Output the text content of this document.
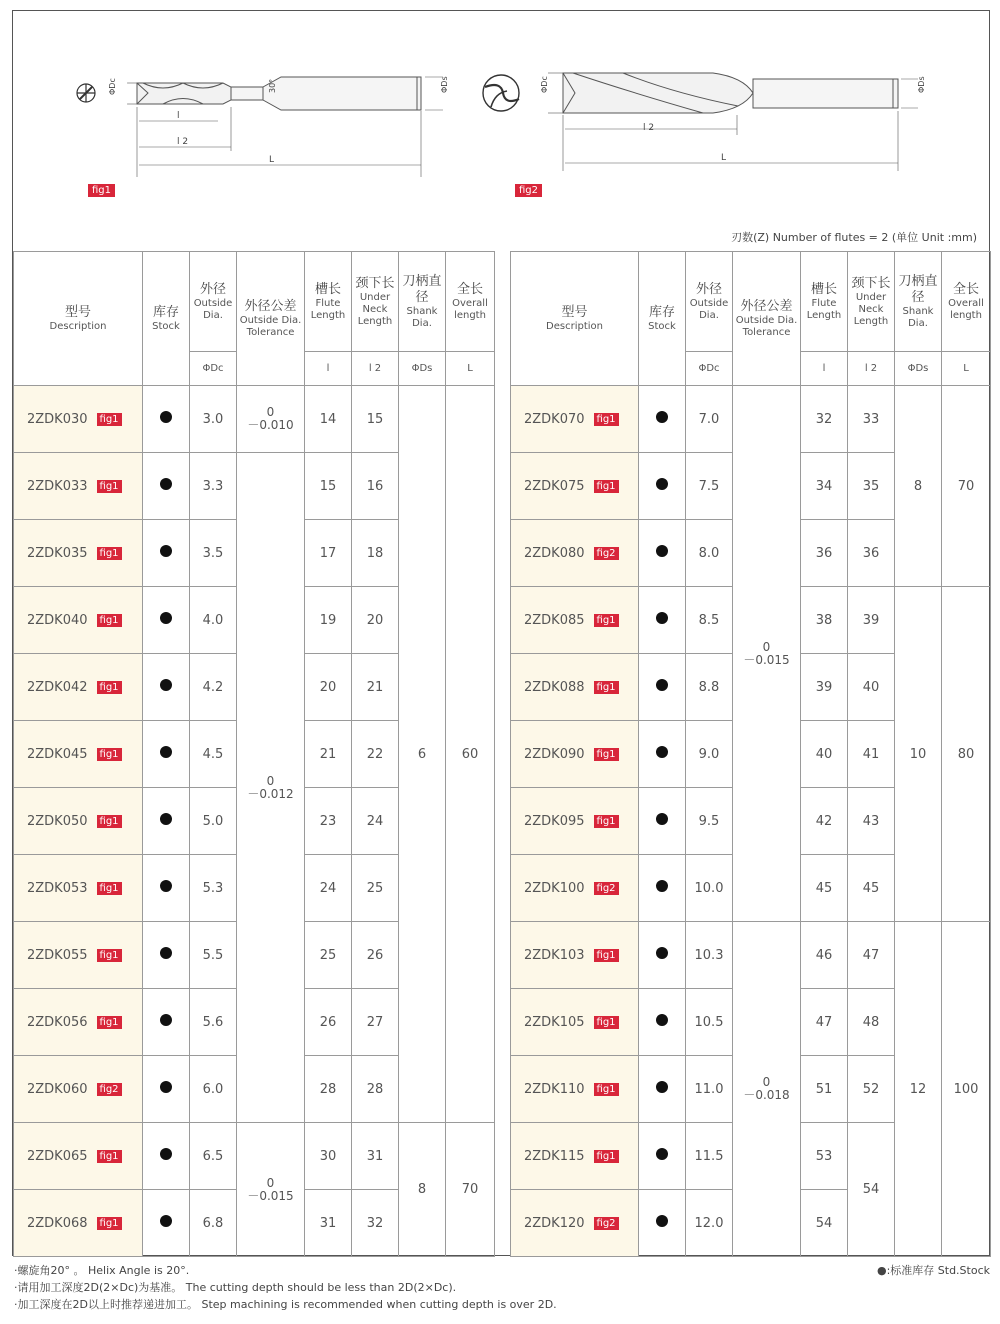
ΦDc	30°	ΦDs
l
l 2
L
ΦDc	ΦDs
l 2
L
fig1	fig2
刃数(Z) Number of flutes = 2 (单位 Unit :mm)
型号
Description	库存
Stock	外径
Outside Dia.	外径公差
Outside Dia. Tolerance	槽长
Flute Length	颈下长
Under Neck Length	刀柄直径
Shank Dia.	全长
Overall length
		ΦDc		l	l 2	ΦDs	L
2ZDK030 fig1		3.0	0
－0.010	14	15	6	60
2ZDK033 fig1		3.3	0
－0.012	15	16		
2ZDK035 fig1		3.5		17	18		
2ZDK040 fig1		4.0		19	20		
2ZDK042 fig1		4.2		20	21		
2ZDK045 fig1		4.5		21	22		
2ZDK050 fig1		5.0		23	24		
2ZDK053 fig1		5.3		24	25		
2ZDK055 fig1		5.5		25	26		
2ZDK056 fig1		5.6		26	27		
2ZDK060 fig2		6.0		28	28		
2ZDK065 fig1		6.5	0
－0.015	30	31	8	70
2ZDK068 fig1		6.8		31	32		
型号
Description	库存
Stock	外径
Outside Dia.	外径公差
Outside Dia. Tolerance	槽长
Flute Length	颈下长
Under Neck Length	刀柄直径
Shank Dia.	全长
Overall length
		ΦDc		l	l 2	ΦDs	L
2ZDK070 fig1		7.0	0
－0.015	32	33	8	70
2ZDK075 fig1		7.5		34	35		
2ZDK080 fig2		8.0		36	36		
2ZDK085 fig1		8.5		38	39	10	80
2ZDK088 fig1		8.8		39	40		
2ZDK090 fig1		9.0		40	41		
2ZDK095 fig1		9.5		42	43		
2ZDK100 fig2		10.0		45	45		
2ZDK103 fig1		10.3	0
－0.018	46	47	12	100
2ZDK105 fig1		10.5		47	48		
2ZDK110 fig1		11.0		51	52		
2ZDK115 fig1		11.5		53	54		
2ZDK120 fig2		12.0		54			
·螺旋角20° 。 Helix Angle is 20°.
·请用加工深度2D(2×Dc)为基准。 The cutting depth should be less than 2D(2×Dc).
·加工深度在2D以上时推荐递进加工。 Step machining is recommended when cutting depth is over 2D.
●:标准库存 Std.Stock
